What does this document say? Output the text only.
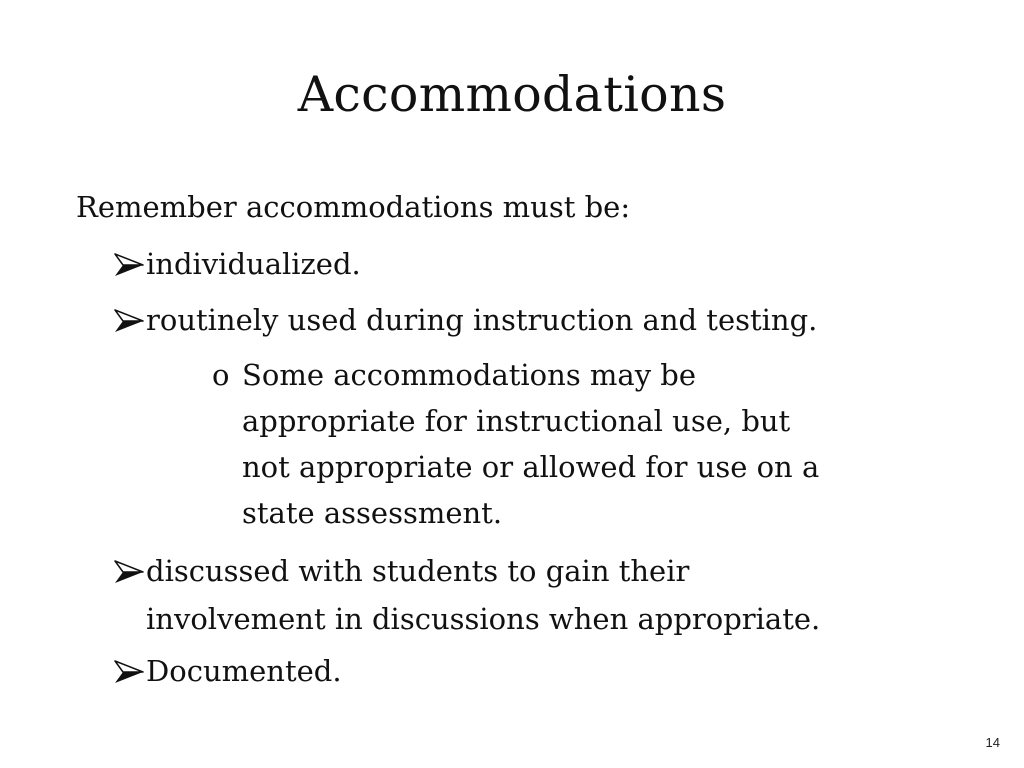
Accommodations
Remember accommodations must be:
individualized.
routinely used during instruction and testing.
o Some accommodations may be
appropriate for instructional use, but
not appropriate or allowed for use on a
state assessment.
discussed with students to gain their
involvement in discussions when appropriate.
Documented.
14
